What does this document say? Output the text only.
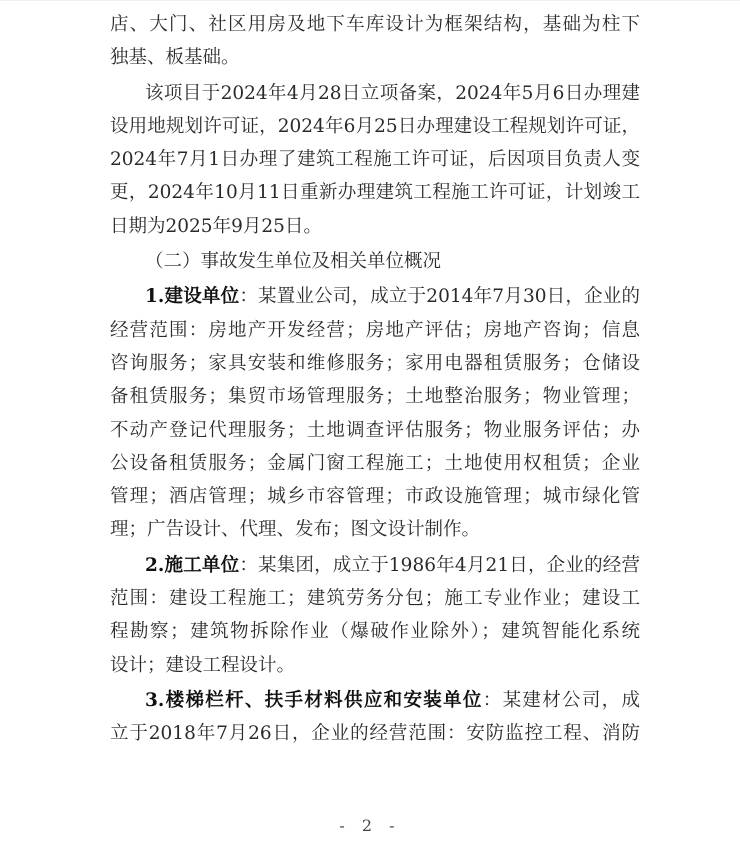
店、大门、社区用房及地下车库设计为框架结构，基础为柱下
独基、板基础。
该项目于2024年4月28日立项备案，2024年5月6日办理建
设用地规划许可证，2024年6月25日办理建设工程规划许可证，
2024年7月1日办理了建筑工程施工许可证，后因项目负责人变
更，2024年10月11日重新办理建筑工程施工许可证，计划竣工
日期为2025年9月25日。
（二）事故发生单位及相关单位概况
1.建设单位：某置业公司，成立于2014年7月30日，企业的
经营范围：房地产开发经营；房地产评估；房地产咨询；信息
咨询服务；家具安装和维修服务；家用电器租赁服务；仓储设
备租赁服务；集贸市场管理服务；土地整治服务；物业管理；
不动产登记代理服务；土地调查评估服务；物业服务评估；办
公设备租赁服务；金属门窗工程施工；土地使用权租赁；企业
管理；酒店管理；城乡市容管理；市政设施管理；城市绿化管
理；广告设计、代理、发布；图文设计制作。
2.施工单位：某集团，成立于1986年4月21日，企业的经营
范围：建设工程施工；建筑劳务分包；施工专业作业；建设工
程勘察；建筑物拆除作业（爆破作业除外）；建筑智能化系统
设计；建设工程设计。
3.楼梯栏杆、扶手材料供应和安装单位：某建材公司，成
立于2018年7月26日，企业的经营范围：安防监控工程、消防
- 2 -
